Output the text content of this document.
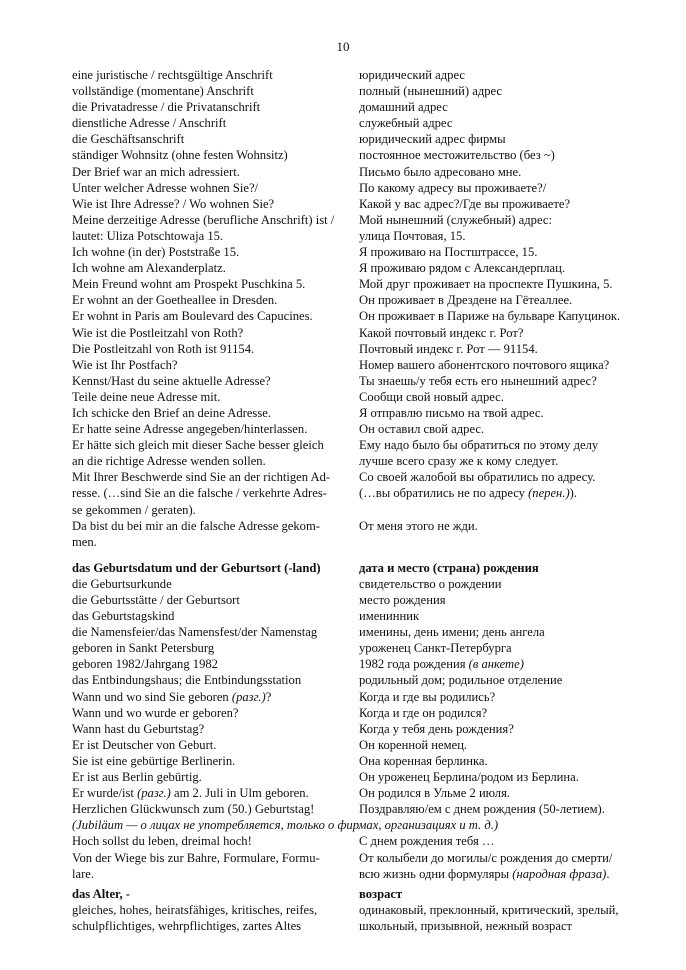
10
eine juristische / rechtsgültige Anschrift	юридический адрес
vollständige (momentane) Anschrift	полный (нынешний) адрес
die Privatadresse / die Privatanschrift	домашний адрес
dienstliche Adresse / Anschrift	служебный адрес
die Geschäftsanschrift	юридический адрес фирмы
ständiger Wohnsitz (ohne festen Wohnsitz)	постоянное местожительство (без ~)
Der Brief war an mich adressiert.	Письмо было адресовано мне.
Unter welcher Adresse wohnen Sie?/	По какому адресу вы проживаете?/
Wie ist Ihre Adresse? / Wo wohnen Sie?	Какой у вас адрес?/Где вы проживаете?
Meine derzeitige Adresse (berufliche Anschrift) ist /	Мой нынешний (служебный) адрес:
lautet: Uliza Potschtowaja 15.	улица Почтовая, 15.
Ich wohne (in der) Poststraße 15.	Я проживаю на Постштрассе, 15.
Ich wohne am Alexanderplatz.	Я проживаю рядом с Александерплац.
Mein Freund wohnt am Prospekt Puschkina 5.	Мой друг проживает на проспекте Пушкина, 5.
Er wohnt an der Goetheallee in Dresden.	Он проживает в Дрездене на Гётеаллее.
Er wohnt in Paris am Boulevard des Capucines.	Он проживает в Париже на бульваре Капуцинок.
Wie ist die Postleitzahl von Roth?	Какой почтовый индекс г. Рот?
Die Postleitzahl von Roth ist 91154.	Почтовый индекс г. Рот — 91154.
Wie ist Ihr Postfach?	Номер вашего абонентского почтового ящика?
Kennst/Hast du seine aktuelle Adresse?	Ты знаешь/у тебя есть его нынешний адрес?
Teile deine neue Adresse mit.	Сообщи свой новый адрес.
Ich schicke den Brief an deine Adresse.	Я отправлю письмо на твой адрес.
Er hatte seine Adresse angegeben/hinterlassen.	Он оставил свой адрес.
Er hätte sich gleich mit dieser Sache besser gleich	Ему надо было бы обратиться по этому делу
an die richtige Adresse wenden sollen.	лучше всего сразу же к кому следует.
Mit Ihrer Beschwerde sind Sie an der richtigen Ad-	Со своей жалобой вы обратились по адресу.
resse. (…sind Sie an die falsche / verkehrte Adres-	(…вы обратились не по адресу (перен.)).
se gekommen / geraten).
Da bist du bei mir an die falsche Adresse gekom-	От меня этого не жди.
men.
das Geburtsdatum und der Geburtsort (-land)	дата и место (страна) рождения
die Geburtsurkunde	свидетельство о рождении
die Geburtsstätte / der Geburtsort	место рождения
das Geburtstagskind	именинник
die Namensfeier/das Namensfest/der Namenstag	именины, день имени; день ангела
geboren in Sankt Petersburg	уроженец Санкт-Петербурга
geboren 1982/Jahrgang 1982	1982 года рождения (в анкете)
das Entbindungshaus; die Entbindungsstation	родильный дом; родильное отделение
Wann und wo sind Sie geboren (разг.)?	Когда и где вы родились?
Wann und wo wurde er geboren?	Когда и где он родился?
Wann hast du Geburtstag?	Когда у тебя день рождения?
Er ist Deutscher von Geburt.	Он коренной немец.
Sie ist eine gebürtige Berlinerin.	Она коренная берлинка.
Er ist aus Berlin gebürtig.	Он уроженец Берлина/родом из Берлина.
Er wurde/ist (разг.) am 2. Juli in Ulm geboren.	Он родился в Ульме 2 июля.
Herzlichen Glückwunsch zum (50.) Geburtstag!	Поздравляю/ем с днем рождения (50-летием).
(Jubiläum — о лицах не употребляется, только о фирмах, организациях и т. д.)
Hoch sollst du leben, dreimal hoch!	С днем рождения тебя …
Von der Wiege bis zur Bahre, Formulare, Formu-	От колыбели до могилы/с рождения до смерти/
lare.	всю жизнь одни формуляры (народная фраза).
das Alter, -	возраст
gleiches, hohes, heiratsfähiges, kritisches, reifes,	одинаковый, преклонный, критический, зрелый,
schulpflichtiges, wehrpflichtiges, zartes Altes	школьный, призывной, нежный возраст
